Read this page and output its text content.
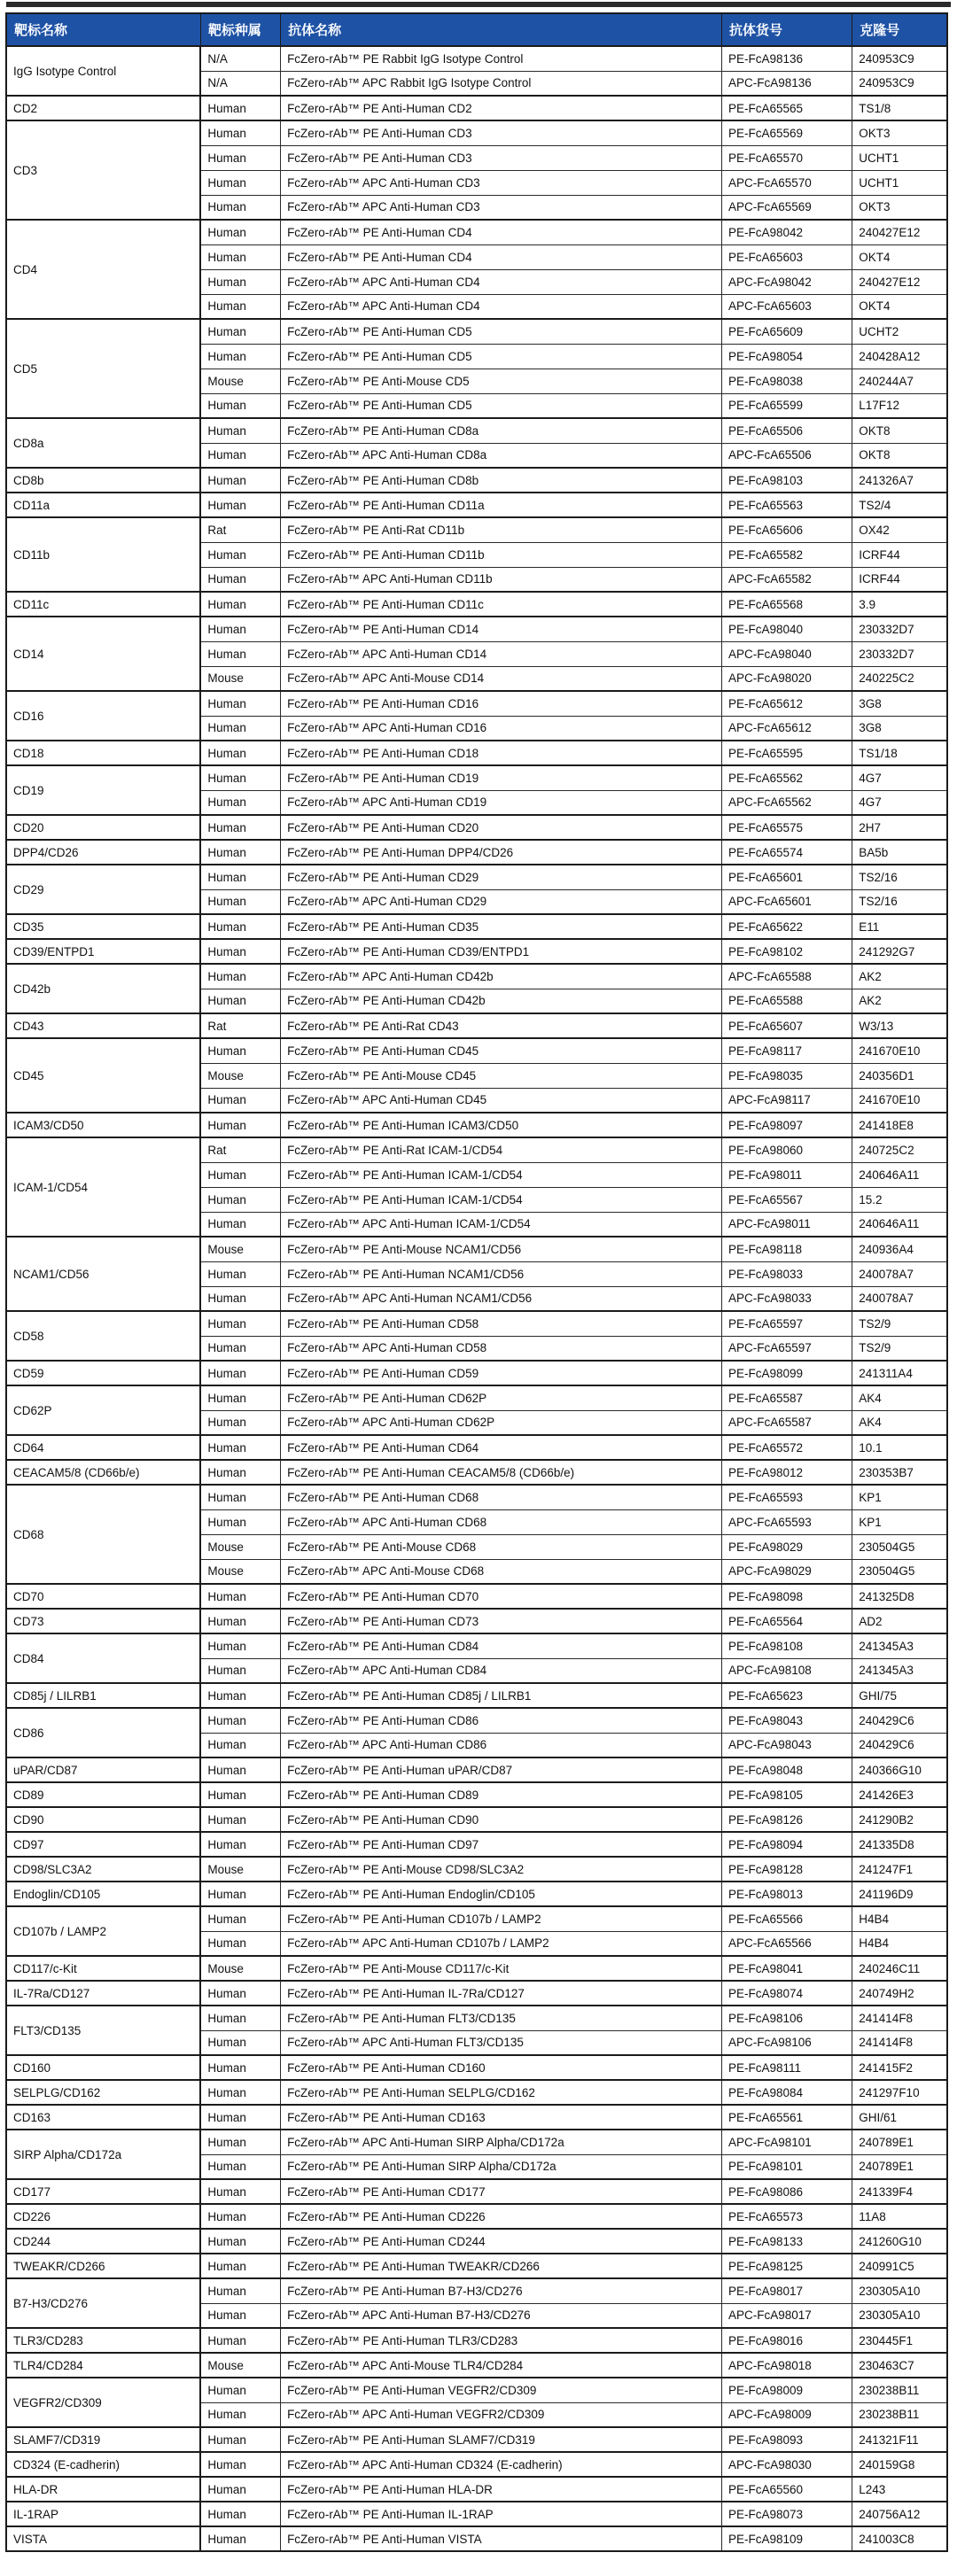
靶标名称	靶标种属	抗体名称	抗体货号	克隆号
IgG Isotype Control	N/A	FcZero-rAb™ PE Rabbit IgG Isotype Control	PE-FcA98136	240953C9
	N/A	FcZero-rAb™ APC Rabbit IgG Isotype Control	APC-FcA98136	240953C9
CD2	Human	FcZero-rAb™ PE Anti-Human CD2	PE-FcA65565	TS1/8
CD3	Human	FcZero-rAb™ PE Anti-Human CD3	PE-FcA65569	OKT3
	Human	FcZero-rAb™ PE Anti-Human CD3	PE-FcA65570	UCHT1
	Human	FcZero-rAb™ APC Anti-Human CD3	APC-FcA65570	UCHT1
	Human	FcZero-rAb™ APC Anti-Human CD3	APC-FcA65569	OKT3
CD4	Human	FcZero-rAb™ PE Anti-Human CD4	PE-FcA98042	240427E12
	Human	FcZero-rAb™ PE Anti-Human CD4	PE-FcA65603	OKT4
	Human	FcZero-rAb™ APC Anti-Human CD4	APC-FcA98042	240427E12
	Human	FcZero-rAb™ APC Anti-Human CD4	APC-FcA65603	OKT4
CD5	Human	FcZero-rAb™ PE Anti-Human CD5	PE-FcA65609	UCHT2
	Human	FcZero-rAb™ PE Anti-Human CD5	PE-FcA98054	240428A12
	Mouse	FcZero-rAb™ PE Anti-Mouse CD5	PE-FcA98038	240244A7
	Human	FcZero-rAb™ PE Anti-Human CD5	PE-FcA65599	L17F12
CD8a	Human	FcZero-rAb™ PE Anti-Human CD8a	PE-FcA65506	OKT8
	Human	FcZero-rAb™ APC Anti-Human CD8a	APC-FcA65506	OKT8
CD8b	Human	FcZero-rAb™ PE Anti-Human CD8b	PE-FcA98103	241326A7
CD11a	Human	FcZero-rAb™ PE Anti-Human CD11a	PE-FcA65563	TS2/4
CD11b	Rat	FcZero-rAb™ PE Anti-Rat CD11b	PE-FcA65606	OX42
	Human	FcZero-rAb™ PE Anti-Human CD11b	PE-FcA65582	ICRF44
	Human	FcZero-rAb™ APC Anti-Human CD11b	APC-FcA65582	ICRF44
CD11c	Human	FcZero-rAb™ PE Anti-Human CD11c	PE-FcA65568	3.9
CD14	Human	FcZero-rAb™ PE Anti-Human CD14	PE-FcA98040	230332D7
	Human	FcZero-rAb™ APC Anti-Human CD14	APC-FcA98040	230332D7
	Mouse	FcZero-rAb™ APC Anti-Mouse CD14	APC-FcA98020	240225C2
CD16	Human	FcZero-rAb™ PE Anti-Human CD16	PE-FcA65612	3G8
	Human	FcZero-rAb™ APC Anti-Human CD16	APC-FcA65612	3G8
CD18	Human	FcZero-rAb™ PE Anti-Human CD18	PE-FcA65595	TS1/18
CD19	Human	FcZero-rAb™ PE Anti-Human CD19	PE-FcA65562	4G7
	Human	FcZero-rAb™ APC Anti-Human CD19	APC-FcA65562	4G7
CD20	Human	FcZero-rAb™ PE Anti-Human CD20	PE-FcA65575	2H7
DPP4/CD26	Human	FcZero-rAb™ PE Anti-Human DPP4/CD26	PE-FcA65574	BA5b
CD29	Human	FcZero-rAb™ PE Anti-Human CD29	PE-FcA65601	TS2/16
	Human	FcZero-rAb™ APC Anti-Human CD29	APC-FcA65601	TS2/16
CD35	Human	FcZero-rAb™ PE Anti-Human CD35	PE-FcA65622	E11
CD39/ENTPD1	Human	FcZero-rAb™ PE Anti-Human CD39/ENTPD1	PE-FcA98102	241292G7
CD42b	Human	FcZero-rAb™ APC Anti-Human CD42b	APC-FcA65588	AK2
	Human	FcZero-rAb™ PE Anti-Human CD42b	PE-FcA65588	AK2
CD43	Rat	FcZero-rAb™ PE Anti-Rat CD43	PE-FcA65607	W3/13
CD45	Human	FcZero-rAb™ PE Anti-Human CD45	PE-FcA98117	241670E10
	Mouse	FcZero-rAb™ PE Anti-Mouse CD45	PE-FcA98035	240356D1
	Human	FcZero-rAb™ APC Anti-Human CD45	APC-FcA98117	241670E10
ICAM3/CD50	Human	FcZero-rAb™ PE Anti-Human ICAM3/CD50	PE-FcA98097	241418E8
ICAM-1/CD54	Rat	FcZero-rAb™ PE Anti-Rat ICAM-1/CD54	PE-FcA98060	240725C2
	Human	FcZero-rAb™ PE Anti-Human ICAM-1/CD54	PE-FcA98011	240646A11
	Human	FcZero-rAb™ PE Anti-Human ICAM-1/CD54	PE-FcA65567	15.2
	Human	FcZero-rAb™ APC Anti-Human ICAM-1/CD54	APC-FcA98011	240646A11
NCAM1/CD56	Mouse	FcZero-rAb™ PE Anti-Mouse NCAM1/CD56	PE-FcA98118	240936A4
	Human	FcZero-rAb™ PE Anti-Human NCAM1/CD56	PE-FcA98033	240078A7
	Human	FcZero-rAb™ APC Anti-Human NCAM1/CD56	APC-FcA98033	240078A7
CD58	Human	FcZero-rAb™ PE Anti-Human CD58	PE-FcA65597	TS2/9
	Human	FcZero-rAb™ APC Anti-Human CD58	APC-FcA65597	TS2/9
CD59	Human	FcZero-rAb™ PE Anti-Human CD59	PE-FcA98099	241311A4
CD62P	Human	FcZero-rAb™ PE Anti-Human CD62P	PE-FcA65587	AK4
	Human	FcZero-rAb™ APC Anti-Human CD62P	APC-FcA65587	AK4
CD64	Human	FcZero-rAb™ PE Anti-Human CD64	PE-FcA65572	10.1
CEACAM5/8 (CD66b/e)	Human	FcZero-rAb™ PE Anti-Human CEACAM5/8 (CD66b/e)	PE-FcA98012	230353B7
CD68	Human	FcZero-rAb™ PE Anti-Human CD68	PE-FcA65593	KP1
	Human	FcZero-rAb™ APC Anti-Human CD68	APC-FcA65593	KP1
	Mouse	FcZero-rAb™ PE Anti-Mouse CD68	PE-FcA98029	230504G5
	Mouse	FcZero-rAb™ APC Anti-Mouse CD68	APC-FcA98029	230504G5
CD70	Human	FcZero-rAb™ PE Anti-Human CD70	PE-FcA98098	241325D8
CD73	Human	FcZero-rAb™ PE Anti-Human CD73	PE-FcA65564	AD2
CD84	Human	FcZero-rAb™ PE Anti-Human CD84	PE-FcA98108	241345A3
	Human	FcZero-rAb™ APC Anti-Human CD84	APC-FcA98108	241345A3
CD85j / LILRB1	Human	FcZero-rAb™ PE Anti-Human CD85j / LILRB1	PE-FcA65623	GHI/75
CD86	Human	FcZero-rAb™ PE Anti-Human CD86	PE-FcA98043	240429C6
	Human	FcZero-rAb™ APC Anti-Human CD86	APC-FcA98043	240429C6
uPAR/CD87	Human	FcZero-rAb™ PE Anti-Human uPAR/CD87	PE-FcA98048	240366G10
CD89	Human	FcZero-rAb™ PE Anti-Human CD89	PE-FcA98105	241426E3
CD90	Human	FcZero-rAb™ PE Anti-Human CD90	PE-FcA98126	241290B2
CD97	Human	FcZero-rAb™ PE Anti-Human CD97	PE-FcA98094	241335D8
CD98/SLC3A2	Mouse	FcZero-rAb™ PE Anti-Mouse CD98/SLC3A2	PE-FcA98128	241247F1
Endoglin/CD105	Human	FcZero-rAb™ PE Anti-Human Endoglin/CD105	PE-FcA98013	241196D9
CD107b / LAMP2	Human	FcZero-rAb™ PE Anti-Human CD107b / LAMP2	PE-FcA65566	H4B4
	Human	FcZero-rAb™ APC Anti-Human CD107b / LAMP2	APC-FcA65566	H4B4
CD117/c-Kit	Mouse	FcZero-rAb™ PE Anti-Mouse CD117/c-Kit	PE-FcA98041	240246C11
IL-7Ra/CD127	Human	FcZero-rAb™ PE Anti-Human IL-7Ra/CD127	PE-FcA98074	240749H2
FLT3/CD135	Human	FcZero-rAb™ PE Anti-Human FLT3/CD135	PE-FcA98106	241414F8
	Human	FcZero-rAb™ APC Anti-Human FLT3/CD135	APC-FcA98106	241414F8
CD160	Human	FcZero-rAb™ PE Anti-Human CD160	PE-FcA98111	241415F2
SELPLG/CD162	Human	FcZero-rAb™ PE Anti-Human SELPLG/CD162	PE-FcA98084	241297F10
CD163	Human	FcZero-rAb™ PE Anti-Human CD163	PE-FcA65561	GHI/61
SIRP Alpha/CD172a	Human	FcZero-rAb™ APC Anti-Human SIRP Alpha/CD172a	APC-FcA98101	240789E1
	Human	FcZero-rAb™ PE Anti-Human SIRP Alpha/CD172a	PE-FcA98101	240789E1
CD177	Human	FcZero-rAb™ PE Anti-Human CD177	PE-FcA98086	241339F4
CD226	Human	FcZero-rAb™ PE Anti-Human CD226	PE-FcA65573	11A8
CD244	Human	FcZero-rAb™ PE Anti-Human CD244	PE-FcA98133	241260G10
TWEAKR/CD266	Human	FcZero-rAb™ PE Anti-Human TWEAKR/CD266	PE-FcA98125	240991C5
B7-H3/CD276	Human	FcZero-rAb™ PE Anti-Human B7-H3/CD276	PE-FcA98017	230305A10
	Human	FcZero-rAb™ APC Anti-Human B7-H3/CD276	APC-FcA98017	230305A10
TLR3/CD283	Human	FcZero-rAb™ PE Anti-Human TLR3/CD283	PE-FcA98016	230445F1
TLR4/CD284	Mouse	FcZero-rAb™ APC Anti-Mouse TLR4/CD284	APC-FcA98018	230463C7
VEGFR2/CD309	Human	FcZero-rAb™ PE Anti-Human VEGFR2/CD309	PE-FcA98009	230238B11
	Human	FcZero-rAb™ APC Anti-Human VEGFR2/CD309	APC-FcA98009	230238B11
SLAMF7/CD319	Human	FcZero-rAb™ PE Anti-Human SLAMF7/CD319	PE-FcA98093	241321F11
CD324 (E-cadherin)	Human	FcZero-rAb™ APC Anti-Human CD324 (E-cadherin)	APC-FcA98030	240159G8
HLA-DR	Human	FcZero-rAb™ PE Anti-Human HLA-DR	PE-FcA65560	L243
IL-1RAP	Human	FcZero-rAb™ PE Anti-Human IL-1RAP	PE-FcA98073	240756A12
VISTA	Human	FcZero-rAb™ PE Anti-Human VISTA	PE-FcA98109	241003C8
